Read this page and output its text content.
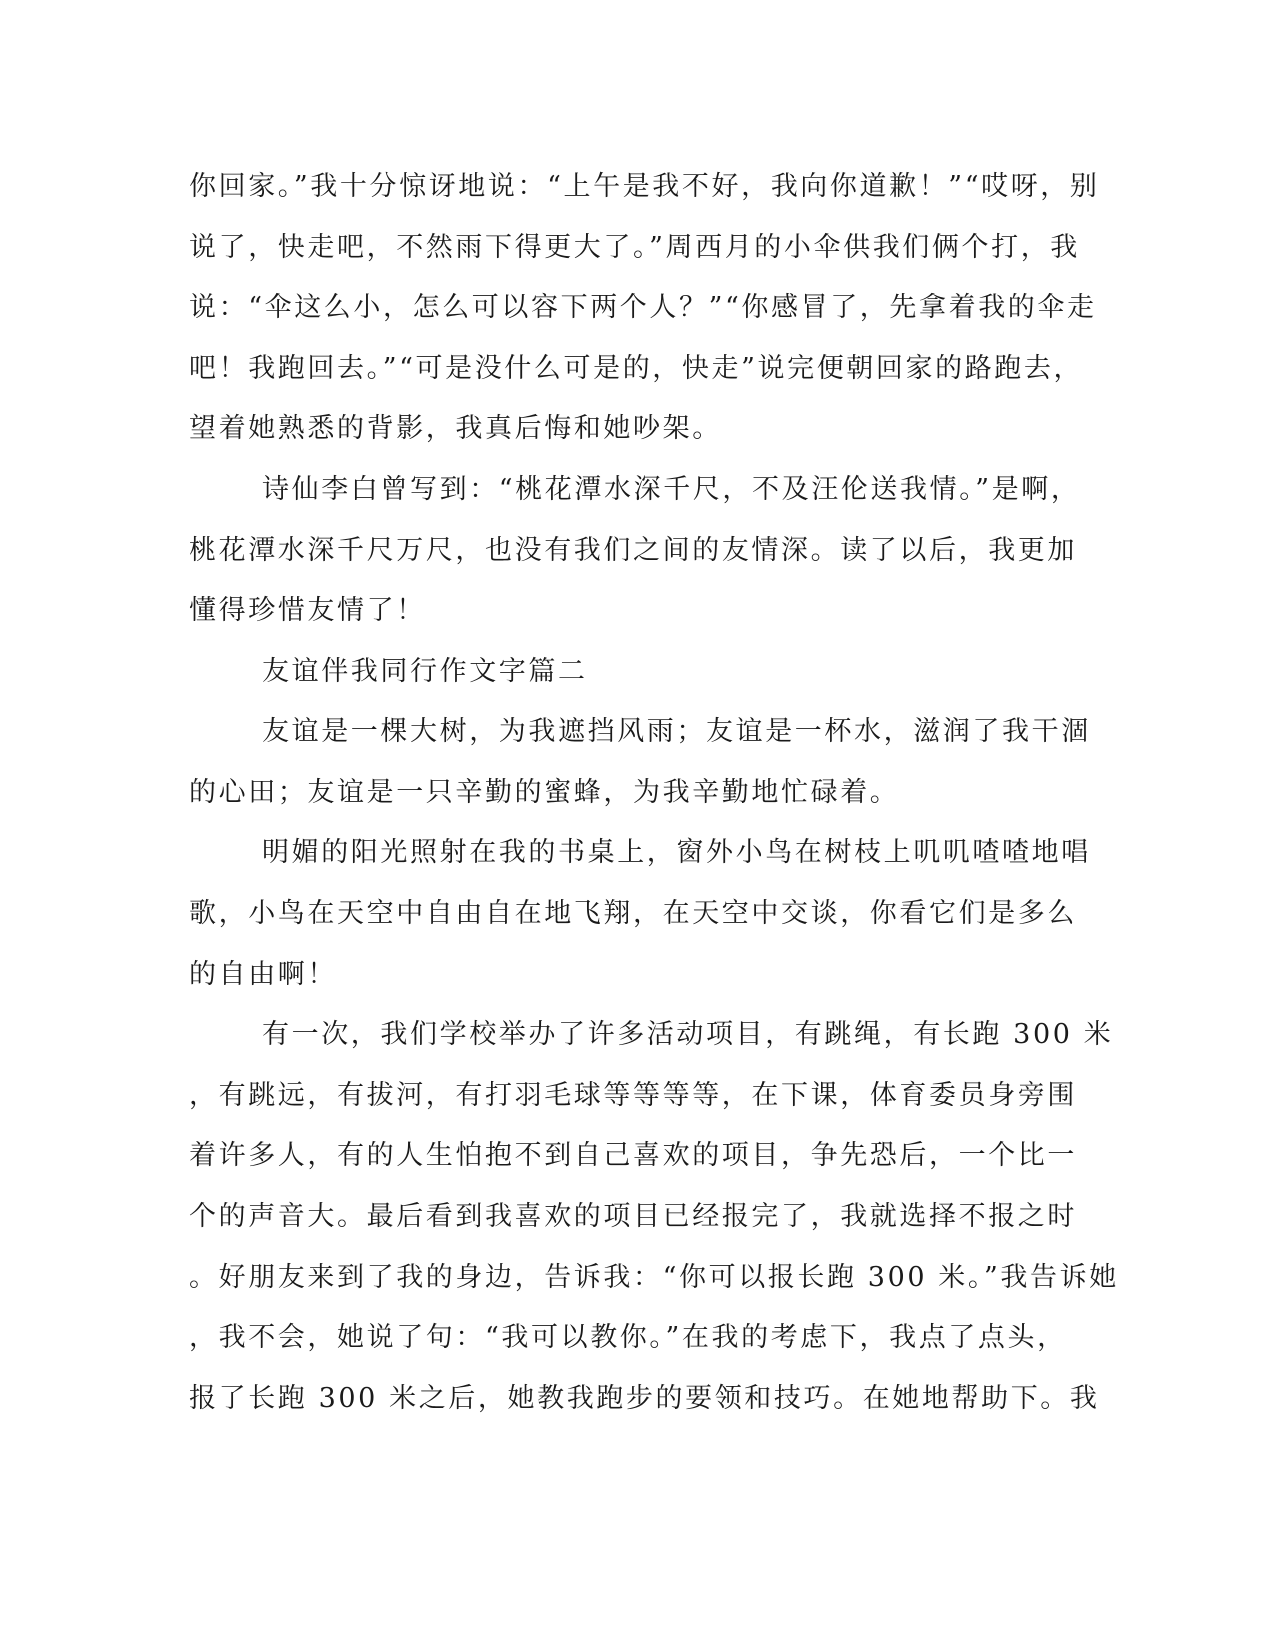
你回家。”我十分惊讶地说：“上午是我不好，我向你道歉！”“哎呀，别
说了，快走吧，不然雨下得更大了。”周西月的小伞供我们俩个打，我
说：“伞这么小，怎么可以容下两个人？”“你感冒了，先拿着我的伞走
吧！我跑回去。”“可是没什么可是的，快走”说完便朝回家的路跑去，
望着她熟悉的背影，我真后悔和她吵架。
诗仙李白曾写到：“桃花潭水深千尺，不及汪伦送我情。”是啊，
桃花潭水深千尺万尺，也没有我们之间的友情深。读了以后，我更加
懂得珍惜友情了！
友谊伴我同行作文字篇二
友谊是一棵大树，为我遮挡风雨；友谊是一杯水，滋润了我干涸
的心田；友谊是一只辛勤的蜜蜂，为我辛勤地忙碌着。
明媚的阳光照射在我的书桌上，窗外小鸟在树枝上叽叽喳喳地唱
歌，小鸟在天空中自由自在地飞翔，在天空中交谈，你看它们是多么
的自由啊！
有一次，我们学校举办了许多活动项目，有跳绳，有长跑 300 米
，有跳远，有拔河，有打羽毛球等等等等，在下课，体育委员身旁围
着许多人，有的人生怕抱不到自己喜欢的项目，争先恐后，一个比一
个的声音大。最后看到我喜欢的项目已经报完了，我就选择不报之时
。好朋友来到了我的身边，告诉我：“你可以报长跑 300 米。”我告诉她
，我不会，她说了句：“我可以教你。”在我的考虑下，我点了点头，
报了长跑 300 米之后，她教我跑步的要领和技巧。在她地帮助下。我
